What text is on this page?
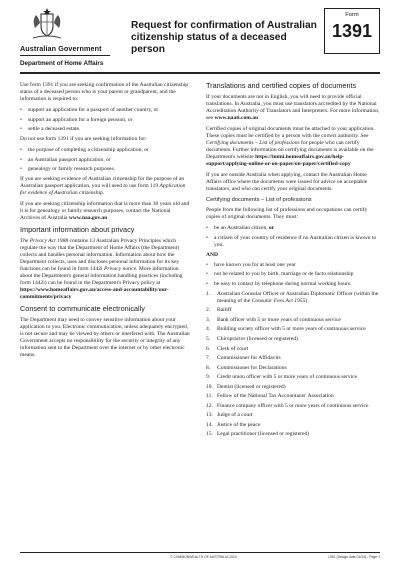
Australian Government
Department of Home Affairs
Request for confirmation of Australian citizenship status of a deceased person
Form
1391

Use form 1391 if you are seeking confirmation of the Australian citizenship status of a deceased person who is your parent or grandparent, and the information is required to:

• support an application for a passport of another country, or
• support an application for a foreign pension, or
• settle a deceased estate.

Do not use form 1391 if you are seeking information for:

• the purpose of completing a citizenship application, or
• an Australian passport application, or
• genealogy or family research purposes.

If you are seeking evidence of Australian citizenship for the purpose of an Australian passport application, you will need to use form 119 Application for evidence of Australian citizenship.

If you are seeking citizenship information that is more than 30 years old and it is for genealogy or family research purposes, contact the National Archives of Australia www.naa.gov.au

Important information about privacy

The Privacy Act 1988 contains 13 Australian Privacy Principles which regulate the way that the Department of Home Affairs (the Department) collects and handles personal information. Information about how the Department collects, uses and discloses personal information for its key functions can be found in form 1442i Privacy notice. More information about the Department's general information handling practices (including form 1442i) can be found in the Department's Privacy policy at https://www.homeaffairs.gov.au/access-and-accountability/our-commitments/privacy

Consent to communicate electronically

The Department may need to convey sensitive information about your application to you. Electronic communication, unless adequately encrypted, is not secure and may be viewed by others or interfered with. The Australian Government accepts no responsibility for the security or integrity of any information sent to the Department over the internet or by other electronic means.

Translations and certified copies of documents

If your documents are not in English, you will need to provide official translations. In Australia, you must use translators accredited by the National Accreditation Authority of Translators and Interpreters. For more information, see www.naati.com.au

Certified copies of original documents must be attached to your application. These copies must be certified by a person with the correct authority. See Certifying documents – List of professions for people who can certify documents. Further information on certifying documents is available on the Department's website https://immi.homeaffairs.gov.au/help-support/applying-online-or-on-paper/on-paper/certified-copy

If you are outside Australia when applying, contact the Australian Home Affairs office where the documents were issued for advice on acceptable translators, and who can certify your original documents.

Certifying documents – List of professions

People from the following list of professions and occupations can certify copies of original documents. They must:

• be an Australian citizen, or
• a citizen of your country of residence if no Australian citizen is known to you.
AND
• have known you for at least one year
• not be related to you by birth, marriage or de facto relationship
• be easy to contact by telephone during normal working hours.
1. Australian Consular Officer or Australian Diplomatic Officer (within the meaning of the Consular Fees Act 1955)
2. Bailiff
3. Bank officer with 5 or more years of continuous service
4. Building society officer with 5 or more years of continuous service
5. Chiropractor (licensed or registered)
6. Clerk of court
7. Commissioner for Affidavits
8. Commissioner for Declarations
9. Credit union officer with 5 or more years of continuous service
10. Dentist (licensed or registered)
11. Fellow of the National Tax Accountants' Association
12. Finance company officer with 5 or more years of continuous service
13. Judge of a court
14. Justice of the peace
15. Legal practitioner (licensed or registered)
© COMMONWEALTH OF AUSTRALIA 2024	1391 (Design date 01/24) - Page 1
